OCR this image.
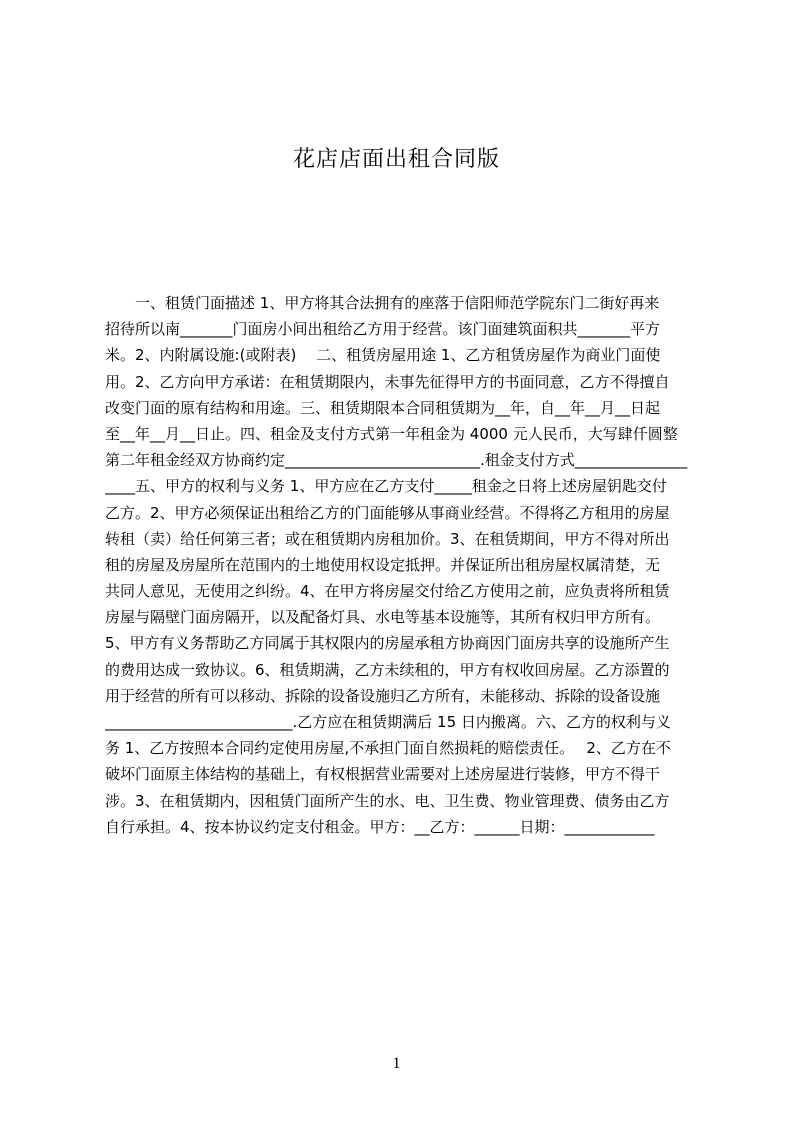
花店店面出租合同版
　　一、租赁门面描述 1、甲方将其合法拥有的座落于信阳师范学院东门二街好再来
招待所以南_______门面房小间出租给乙方用于经营。该门面建筑面积共_______平方
米。2、内附属设施:(或附表)　 二、租赁房屋用途 1、乙方租赁房屋作为商业门面使
用。2、乙方向甲方承诺：在租赁期限内，未事先征得甲方的书面同意，乙方不得擅自
改变门面的原有结构和用途。三、租赁期限本合同租赁期为__年，自__年__月__日起
至__年__月__日止。四、租金及支付方式第一年租金为 4000 元人民币，大写肆仟圆整
第二年租金经双方协商约定__________________________.租金支付方式_______________
____五、甲方的权利与义务 1、甲方应在乙方支付_____租金之日将上述房屋钥匙交付
乙方。2、甲方必须保证出租给乙方的门面能够从事商业经营。不得将乙方租用的房屋
转租（卖）给任何第三者；或在租赁期内房租加价。3、在租赁期间，甲方不得对所出
租的房屋及房屋所在范围内的土地使用权设定抵押。并保证所出租房屋权属清楚，无
共同人意见，无使用之纠纷。4、在甲方将房屋交付给乙方使用之前，应负责将所租赁
房屋与隔壁门面房隔开，以及配备灯具、水电等基本设施等，其所有权归甲方所有。
5、甲方有义务帮助乙方同属于其权限内的房屋承租方协商因门面房共享的设施所产生
的费用达成一致协议。6、租赁期满，乙方未续租的，甲方有权收回房屋。乙方添置的
用于经营的所有可以移动、拆除的设备设施归乙方所有，未能移动、拆除的设备设施
_________________________.乙方应在租赁期满后 15 日内搬离。六、乙方的权利与义
务 1、乙方按照本合同约定使用房屋,不承担门面自然损耗的赔偿责任。　 2、乙方在不
破坏门面原主体结构的基础上，有权根据营业需要对上述房屋进行装修，甲方不得干
涉。3、在租赁期内，因租赁门面所产生的水、电、卫生费、物业管理费、债务由乙方
自行承担。4、按本协议约定支付租金。甲方：__乙方：______日期：____________
1
